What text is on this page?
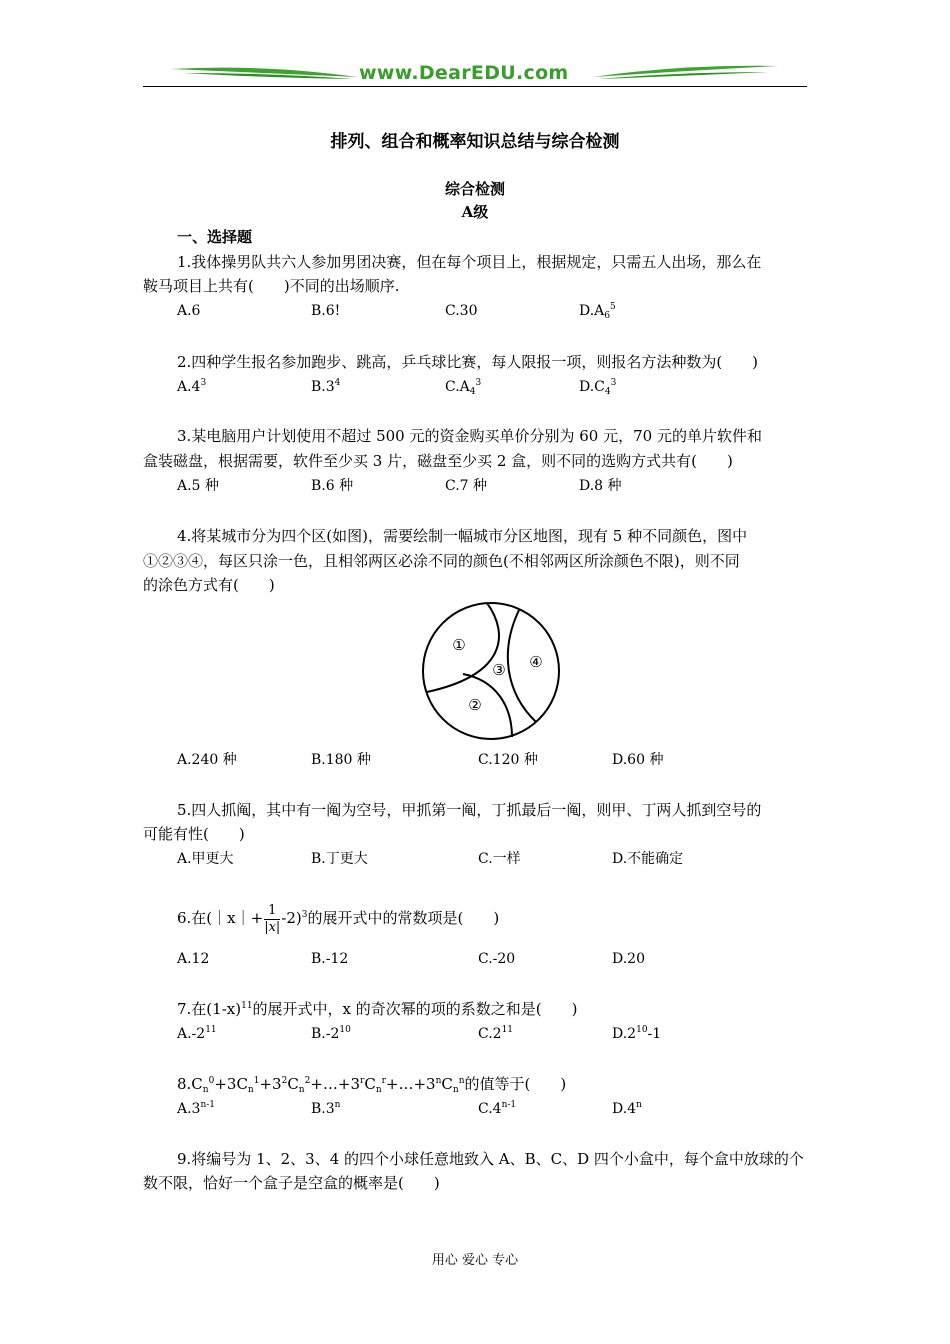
www.DearEDU.com
排列、组合和概率知识总结与综合检测
综合检测
A级
一、选择题
1.我体操男队共六人参加男团决赛，但在每个项目上，根据规定，只需五人出场，那么在
鞍马项目上共有(　　)不同的出场顺序.
A.6	B.6!	C.30	$D.A_6^5$
2.四种学生报名参加跑步、跳高，乒乓球比赛，每人限报一项，则报名方法种数为(　　)
$A.4^3$	$B.3^4$	$C.A_4^3$	$D.C_4^3$
3.某电脑用户计划使用不超过 500 元的资金购买单价分别为 60 元，70 元的单片软件和
盒装磁盘，根据需要，软件至少买 3 片，磁盘至少买 2 盒，则不同的选购方式共有(　　)
A.5 种	B.6 种	C.7 种	D.8 种
4.将某城市分为四个区(如图)，需要绘制一幅城市分区地图，现有 5 种不同颜色，图中
①②③④，每区只涂一色，且相邻两区必涂不同的颜色(不相邻两区所涂颜色不限)，则不同
的涂色方式有(　　)
①
②
③ ④
A.240 种	B.180 种	C.120 种	D.60 种
5.四人抓阄，其中有一阄为空号，甲抓第一阄，丁抓最后一阄，则甲、丁两人抓到空号的
可能有性(　　)
A.甲更大	B.丁更大	C.一样	D.不能确定
6.在(｜x｜+ $\frac{1}{|x|} -2)^3$的展开式中的常数项是(　　)
A.12	B.-12	C.-20	D.20
7.在$(1-x)^{11}$的展开式中，x 的奇次幂的项的系数之和是(　　)
$A.-2^{11}$	$B.-2^{10}$	$C.2^{11}$	$D.2^{10}-1$
$8.C_n^0+3C_n^1+3^2C_n^2+\dots+3^rC_n^r+\dots+3^nC_n^n$的值等于(　　)
A.3$^{n-1}$	B.3$^n$	C.4$^{n-1}$	D.4$^n$
9.将编号为 1、2、3、4 的四个小球任意地致入 A、B、C、D 四个小盒中，每个盒中放球的个
数不限，恰好一个盒子是空盒的概率是(　　)
用心 爱心 专心
